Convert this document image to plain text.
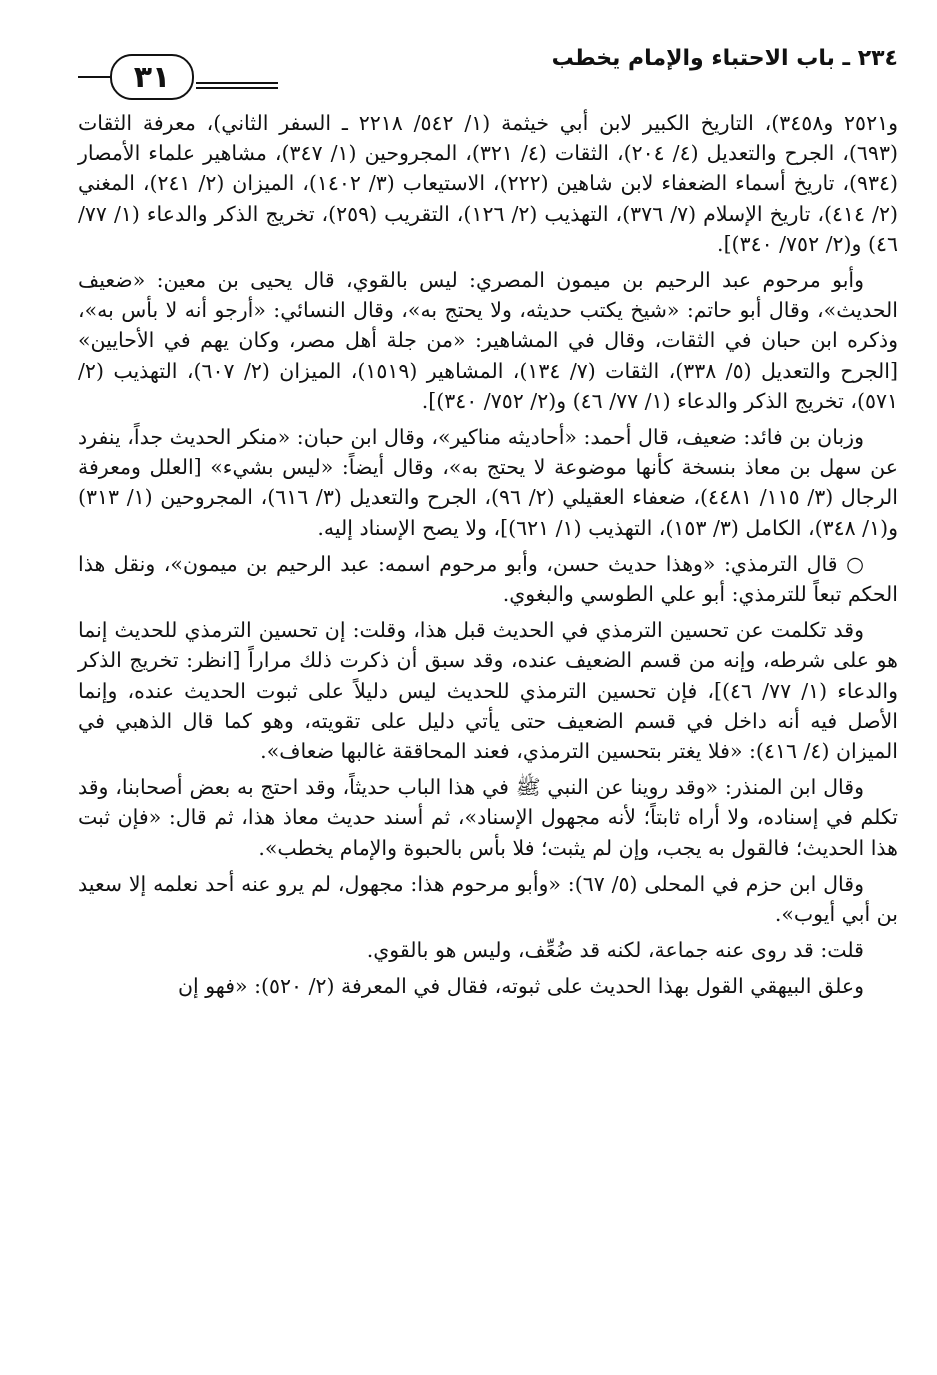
٢٣٤ ـ باب الاحتباء والإمام يخطب
٣١

و٢٥٢١ و٣٤٥٨)، التاريخ الكبير لابن أبي خيثمة (١/ ٥٤٢/ ٢٢١٨ ـ السفر الثاني)، معرفة الثقات (٦٩٣)، الجرح والتعديل (٤/ ٢٠٤)، الثقات (٤/ ٣٢١)، المجروحين (١/ ٣٤٧)، مشاهير علماء الأمصار (٩٣٤)، تاريخ أسماء الضعفاء لابن شاهين (٢٢٢)، الاستيعاب (٣/ ١٤٠٢)، الميزان (٢/ ٢٤١)، المغني (٢/ ٤١٤)، تاريخ الإسلام (٧/ ٣٧٦)، التهذيب (٢/ ١٢٦)، التقريب (٢٥٩)، تخريج الذكر والدعاء (١/ ٧٧/ ٤٦) و(٢/ ٧٥٢/ ٣٤٠)].

وأبو مرحوم عبد الرحيم بن ميمون المصري: ليس بالقوي، قال يحيى بن معين: «ضعيف الحديث»، وقال أبو حاتم: «شيخ يكتب حديثه، ولا يحتج به»، وقال النسائي: «أرجو أنه لا بأس به»، وذكره ابن حبان في الثقات، وقال في المشاهير: «من جلة أهل مصر، وكان يهم في الأحايين» [الجرح والتعديل (٥/ ٣٣٨)، الثقات (٧/ ١٣٤)، المشاهير (١٥١٩)، الميزان (٢/ ٦٠٧)، التهذيب (٢/ ٥٧١)، تخريج الذكر والدعاء (١/ ٧٧/ ٤٦) و(٢/ ٧٥٢/ ٣٤٠)].

وزبان بن فائد: ضعيف، قال أحمد: «أحاديثه مناكير»، وقال ابن حبان: «منكر الحديث جداً، ينفرد عن سهل بن معاذ بنسخة كأنها موضوعة لا يحتج به»، وقال أيضاً: «ليس بشيء» [العلل ومعرفة الرجال (٣/ ١١٥/ ٤٤٨١)، ضعفاء العقيلي (٢/ ٩٦)، الجرح والتعديل (٣/ ٦١٦)، المجروحين (١/ ٣١٣) و(١/ ٣٤٨)، الكامل (٣/ ١٥٣)، التهذيب (١/ ٦٢١)]، ولا يصح الإسناد إليه.

○ قال الترمذي: «وهذا حديث حسن، وأبو مرحوم اسمه: عبد الرحيم بن ميمون»، ونقل هذا الحكم تبعاً للترمذي: أبو علي الطوسي والبغوي.

وقد تكلمت عن تحسين الترمذي في الحديث قبل هذا، وقلت: إن تحسين الترمذي للحديث إنما هو على شرطه، وإنه من قسم الضعيف عنده، وقد سبق أن ذكرت ذلك مراراً [انظر: تخريج الذكر والدعاء (١/ ٧٧/ ٤٦)]، فإن تحسين الترمذي للحديث ليس دليلاً على ثبوت الحديث عنده، وإنما الأصل فيه أنه داخل في قسم الضعيف حتى يأتي دليل على تقويته، وهو كما قال الذهبي في الميزان (٤/ ٤١٦): «فلا يغتر بتحسين الترمذي، فعند المحاققة غالبها ضعاف».

وقال ابن المنذر: «وقد روينا عن النبي ﷺ في هذا الباب حديثاً، وقد احتج به بعض أصحابنا، وقد تكلم في إسناده، ولا أراه ثابتاً؛ لأنه مجهول الإسناد»، ثم أسند حديث معاذ هذا، ثم قال: «فإن ثبت هذا الحديث؛ فالقول به يجب، وإن لم يثبت؛ فلا بأس بالحبوة والإمام يخطب».

وقال ابن حزم في المحلى (٥/ ٦٧): «وأبو مرحوم هذا: مجهول، لم يرو عنه أحد نعلمه إلا سعيد بن أبي أيوب».

قلت: قد روى عنه جماعة، لكنه قد ضُعِّف، وليس هو بالقوي.

وعلق البيهقي القول بهذا الحديث على ثبوته، فقال في المعرفة (٢/ ٥٢٠): «فهو إن
